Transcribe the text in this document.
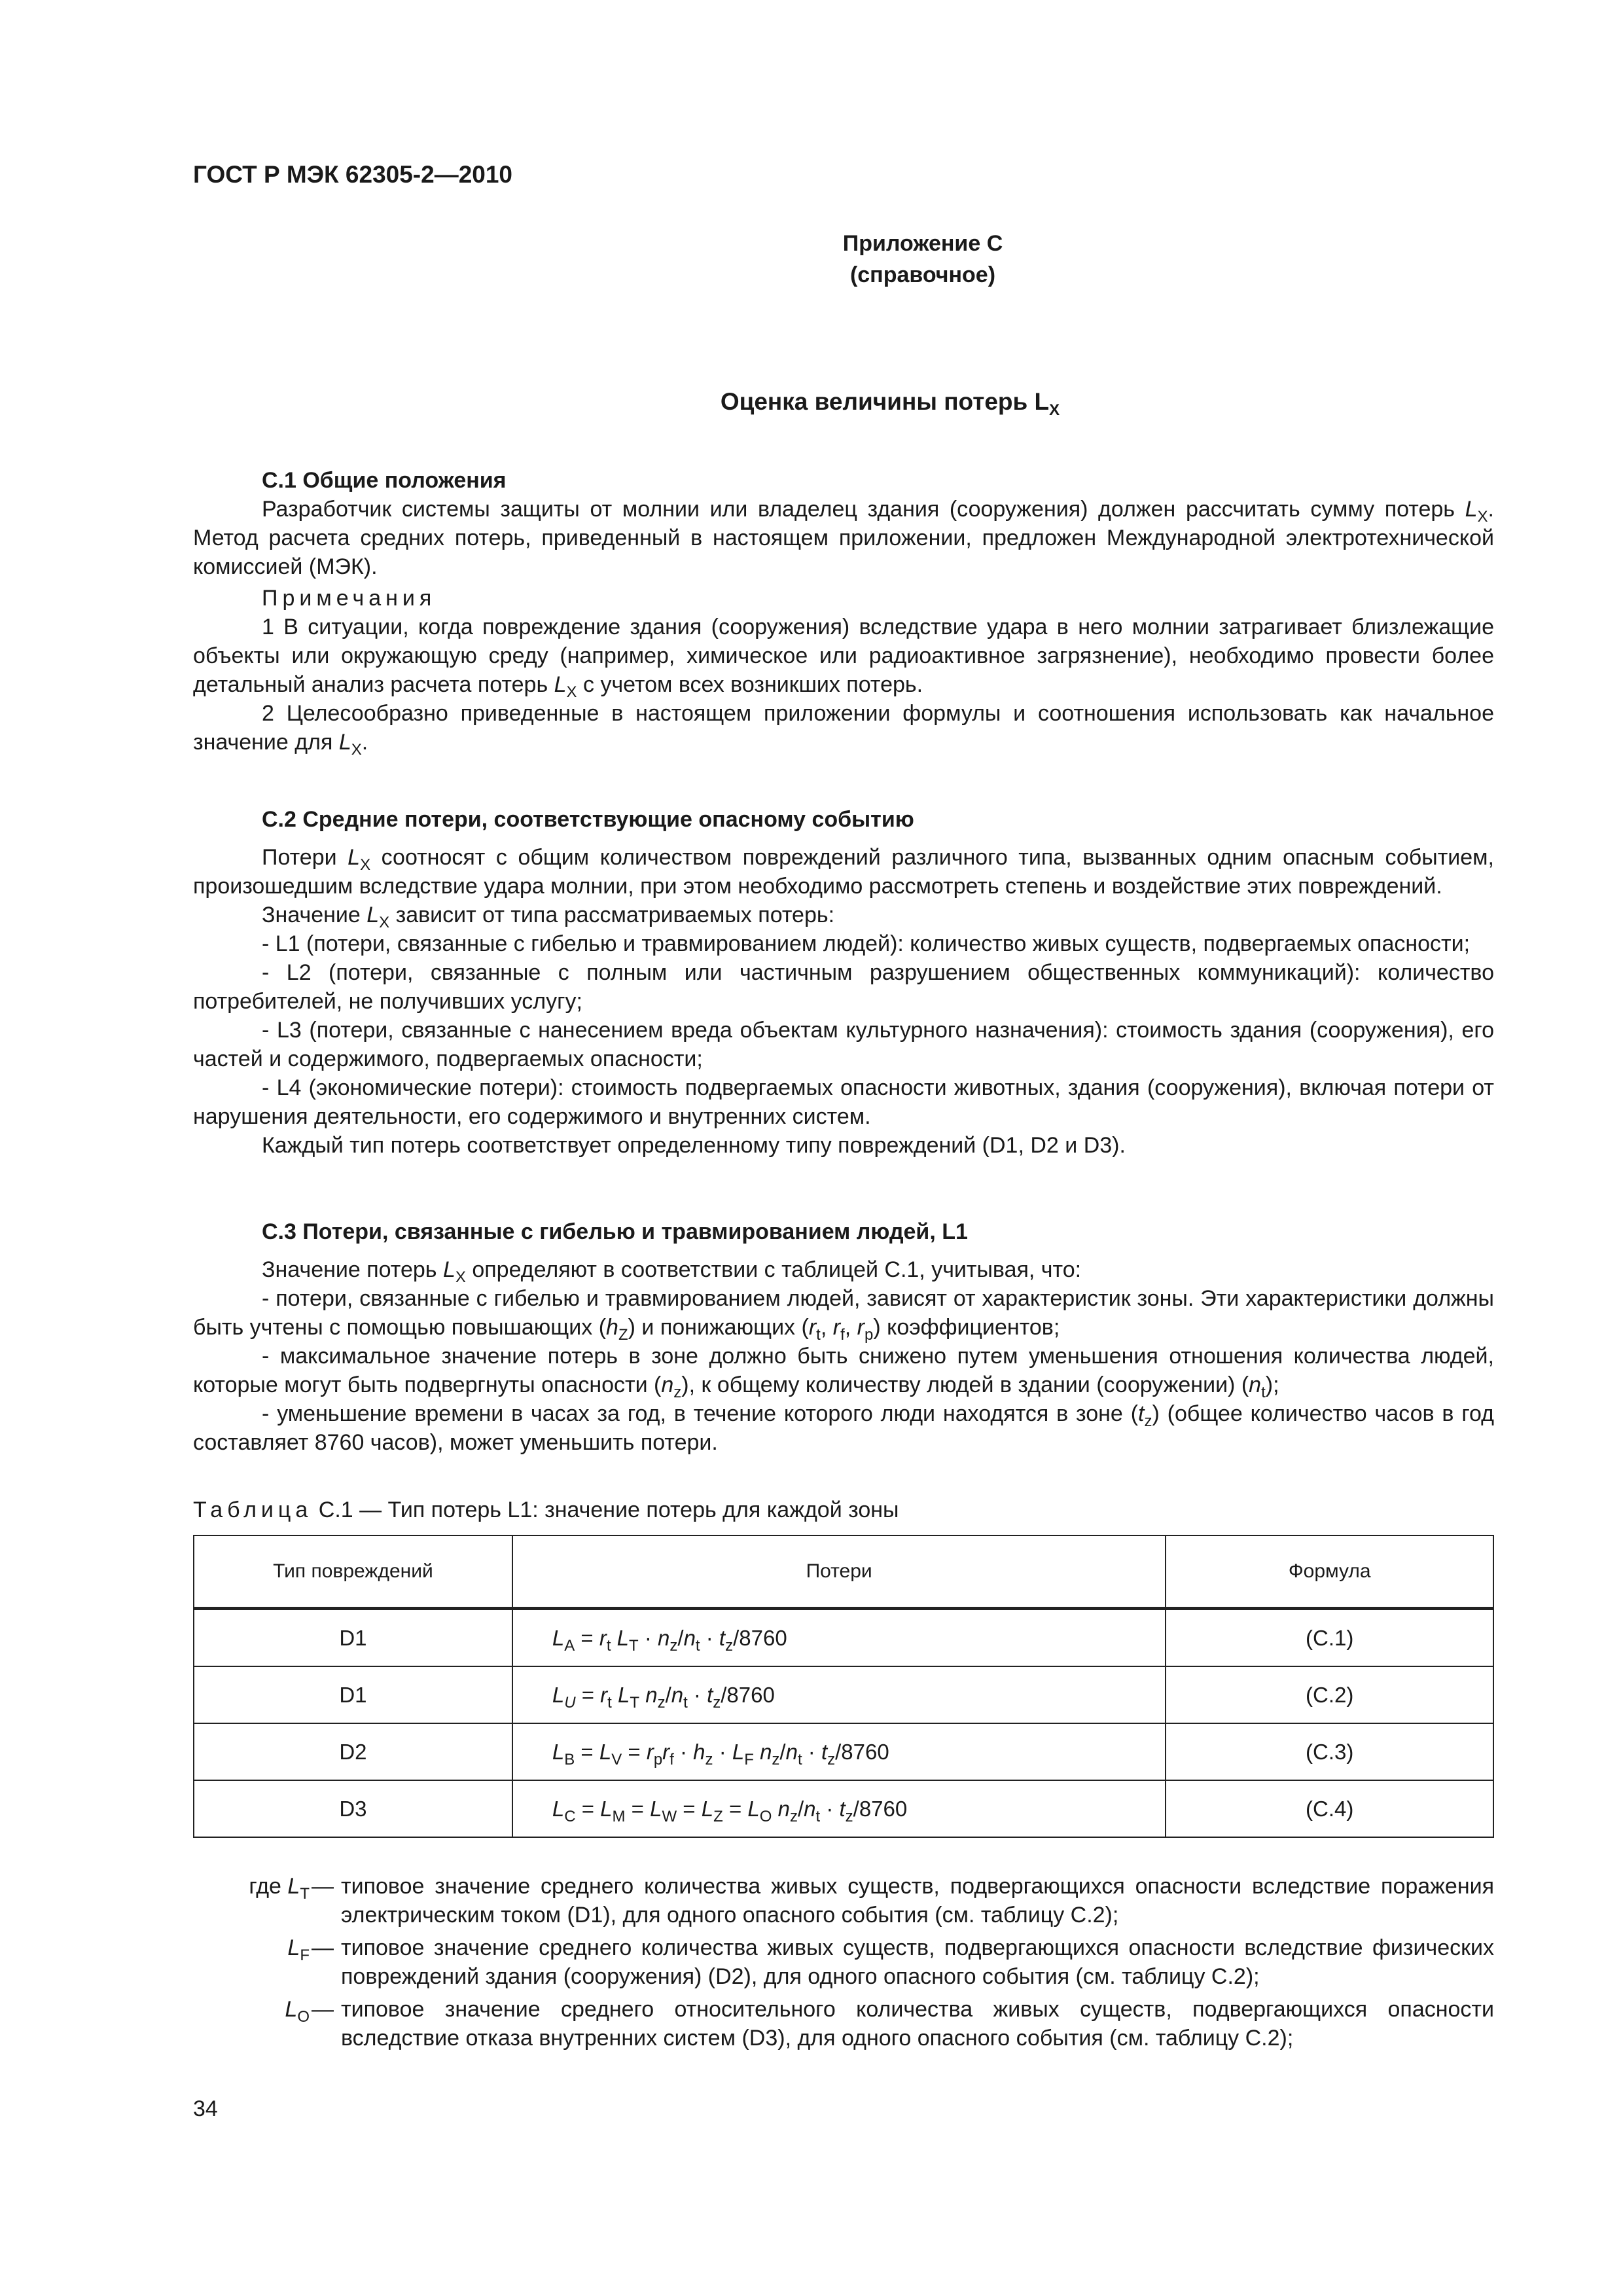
ГОСТ Р МЭК 62305-2—2010
Приложение С
(справочное)
Оценка величины потерь $L_X$

С.1 Общие положения

Разработчик системы защиты от молнии или владелец здания (сооружения) должен рассчитать сумму потерь $L_X$. Метод расчета средних потерь, приведенный в настоящем приложении, предложен Международной электротехнической комиссией (МЭК).

Примечания

1 В ситуации, когда повреждение здания (сооружения) вследствие удара в него молнии затрагивает близлежащие объекты или окружающую среду (например, химическое или радиоактивное загрязнение), необходимо провести более детальный анализ расчета потерь $L_X$ с учетом всех возникших потерь.

2 Целесообразно приведенные в настоящем приложении формулы и соотношения использовать как начальное значение для $L_X$.

С.2 Средние потери, соответствующие опасному событию

Потери $L_X$ соотносят с общим количеством повреждений различного типа, вызванных одним опасным событием, произошедшим вследствие удара молнии, при этом необходимо рассмотреть степень и воздействие этих повреждений.

Значение $L_X$ зависит от типа рассматриваемых потерь:

- L1 (потери, связанные с гибелью и травмированием людей): количество живых существ, подвергаемых опасности;

- L2 (потери, связанные с полным или частичным разрушением общественных коммуникаций): количество потребителей, не получивших услугу;

- L3 (потери, связанные с нанесением вреда объектам культурного назначения): стоимость здания (сооружения), его частей и содержимого, подвергаемых опасности;

- L4 (экономические потери): стоимость подвергаемых опасности животных, здания (сооружения), включая потери от нарушения деятельности, его содержимого и внутренних систем.

Каждый тип потерь соответствует определенному типу повреждений (D1, D2 и D3).

С.3 Потери, связанные с гибелью и травмированием людей, L1

Значение потерь $L_X$ определяют в соответствии с таблицей С.1, учитывая, что:

- потери, связанные с гибелью и травмированием людей, зависят от характеристик зоны. Эти характеристики должны быть учтены с помощью повышающих $(h_Z)$ и понижающих ($r_t$, $r_f$, $r_p$) коэффициентов;

- максимальное значение потерь в зоне должно быть снижено путем уменьшения отношения количества людей, которые могут быть подвергнуты опасности $(n_z)$, к общему количеству людей в здании (сооружении) $(n_t)$;

- уменьшение времени в часах за год, в течение которого люди находятся в зоне $(t_z)$ (общее количество часов в год составляет 8760 часов), может уменьшить потери.

Таблица С.1 — Тип потерь L1: значение потерь для каждой зоны
Тип повреждений	Потери	Формула
D1	$L_A = r_t$ $L_T \cdot n_z/n_t \cdot t_z/8760$	(С.1)
D1	$L_U = r_t$ $L_T$ $n_z/n_t \cdot t_z/8760$	(С.2)
D2	$L_B = L_V = r_pr_f \cdot h_z \cdot L_F$ $n_z/n_t \cdot t_z/8760$	(С.3)
D3	$L_C = L_M = L_W = L_Z = L_O$ $n_z/n_t \cdot t_z/8760$	(С.4)
где $L_T$ — типовое значение среднего количества живых существ, подвергающихся опасности вследствие поражения электрическим током (D1), для одного опасного события (см. таблицу С.2);
$L_F$ — типовое значение среднего количества живых существ, подвергающихся опасности вследствие физических повреждений здания (сооружения) (D2), для одного опасного события (см. таблицу С.2);
$L_O$ — типовое значение среднего относительного количества живых существ, подвергающихся опасности вследствие отказа внутренних систем (D3), для одного опасного события (см. таблицу С.2);
34
